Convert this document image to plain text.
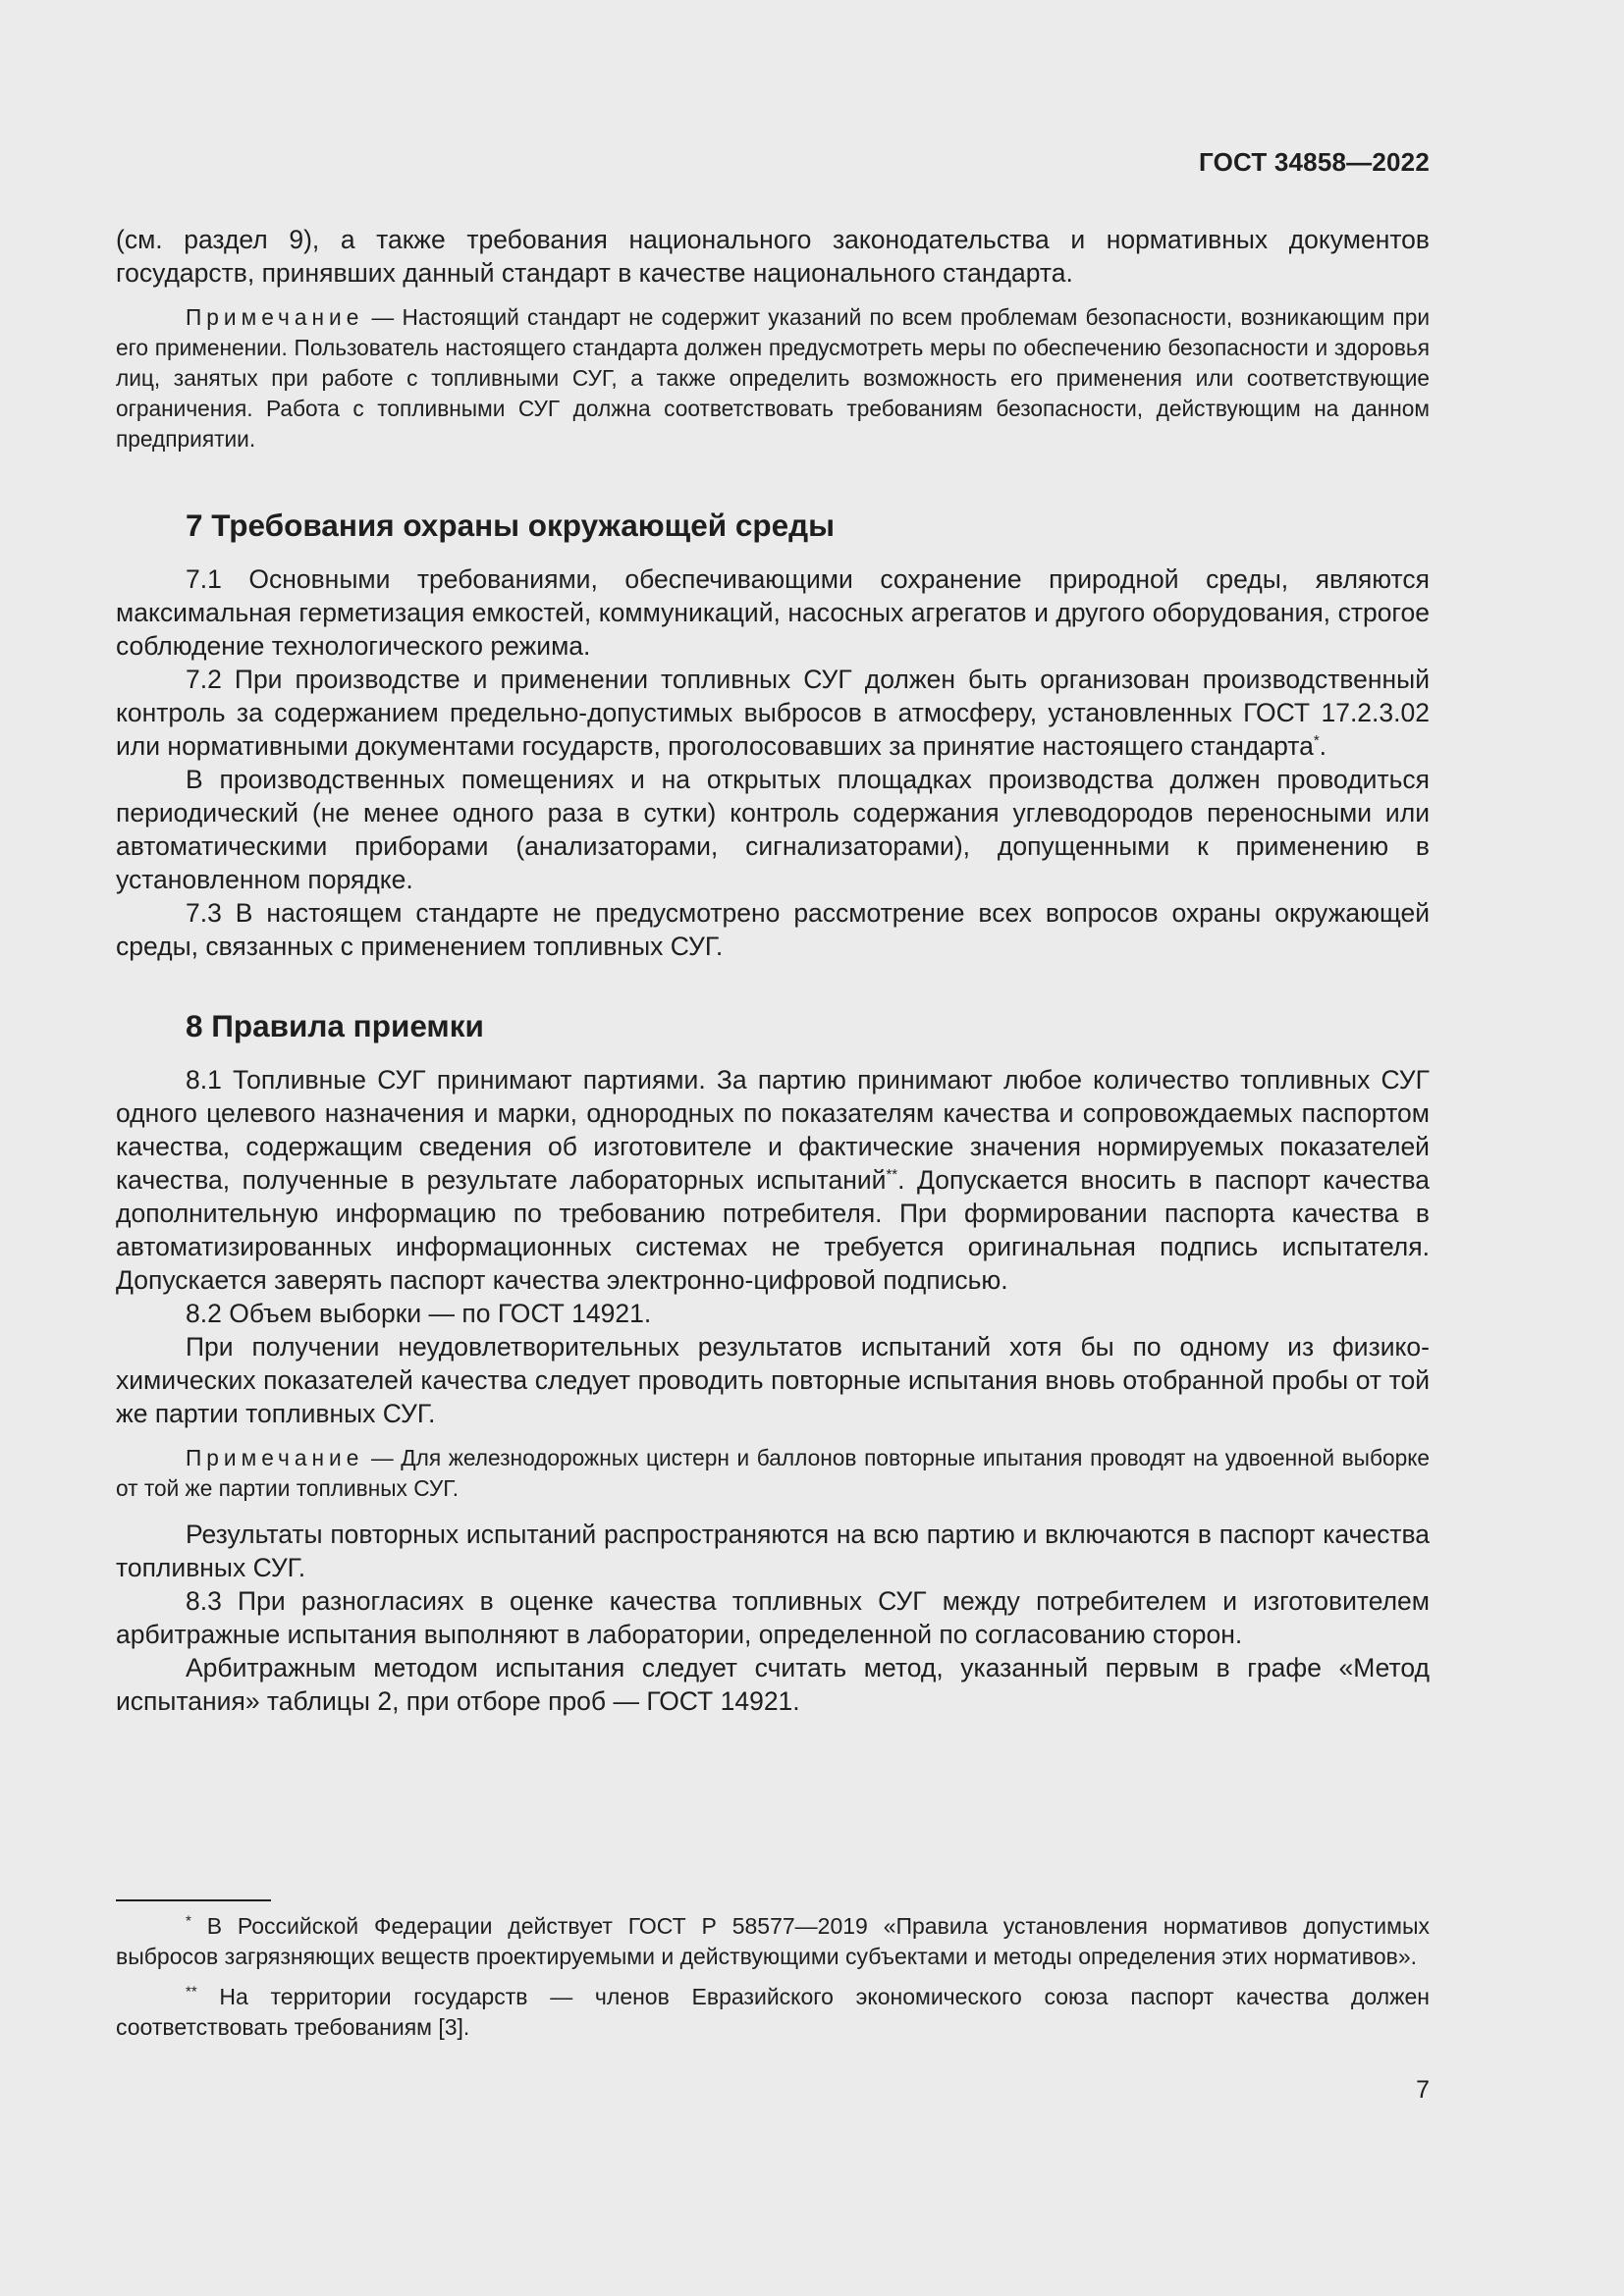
ГОСТ 34858—2022

(см. раздел 9), а также требования национального законодательства и нормативных документов государств, принявших данный стандарт в качестве национального стандарта.

Примечание — Настоящий стандарт не содержит указаний по всем проблемам безопасности, возникающим при его применении. Пользователь настоящего стандарта должен предусмотреть меры по обеспечению безопасности и здоровья лиц, занятых при работе с топливными СУГ, а также определить возможность его применения или соответствующие ограничения. Работа с топливными СУГ должна соответствовать требованиям безопасности, действующим на данном предприятии.

7 Требования охраны окружающей среды

7.1 Основными требованиями, обеспечивающими сохранение природной среды, являются максимальная герметизация емкостей, коммуникаций, насосных агрегатов и другого оборудования, строгое соблюдение технологического режима.

7.2 При производстве и применении топливных СУГ должен быть организован производственный контроль за содержанием предельно-допустимых выбросов в атмосферу, установленных ГОСТ 17.2.3.02 или нормативными документами государств, проголосовавших за принятие настоящего стандарта*.

В производственных помещениях и на открытых площадках производства должен проводиться периодический (не менее одного раза в сутки) контроль содержания углеводородов переносными или автоматическими приборами (анализаторами, сигнализаторами), допущенными к применению в установленном порядке.

7.3 В настоящем стандарте не предусмотрено рассмотрение всех вопросов охраны окружающей среды, связанных с применением топливных СУГ.

8 Правила приемки

8.1 Топливные СУГ принимают партиями. За партию принимают любое количество топливных СУГ одного целевого назначения и марки, однородных по показателям качества и сопровождаемых паспортом качества, содержащим сведения об изготовителе и фактические значения нормируемых показателей качества, полученные в результате лабораторных испытаний**. Допускается вносить в паспорт качества дополнительную информацию по требованию потребителя. При формировании паспорта качества в автоматизированных информационных системах не требуется оригинальная подпись испытателя. Допускается заверять паспорт качества электронно-цифровой подписью.

8.2 Объем выборки — по ГОСТ 14921.

При получении неудовлетворительных результатов испытаний хотя бы по одному из физико-химических показателей качества следует проводить повторные испытания вновь отобранной пробы от той же партии топливных СУГ.

Примечание — Для железнодорожных цистерн и баллонов повторные ипытания проводят на удвоенной выборке от той же партии топливных СУГ.

Результаты повторных испытаний распространяются на всю партию и включаются в паспорт качества топливных СУГ.

8.3 При разногласиях в оценке качества топливных СУГ между потребителем и изготовителем арбитражные испытания выполняют в лаборатории, определенной по согласованию сторон.

Арбитражным методом испытания следует считать метод, указанный первым в графе «Метод испытания» таблицы 2, при отборе проб — ГОСТ 14921.

* В Российской Федерации действует ГОСТ Р 58577—2019 «Правила установления нормативов допустимых выбросов загрязняющих веществ проектируемыми и действующими субъектами и методы определения этих нормативов».

** На территории государств — членов Евразийского экономического союза паспорт качества должен соответствовать требованиям [3].

7
